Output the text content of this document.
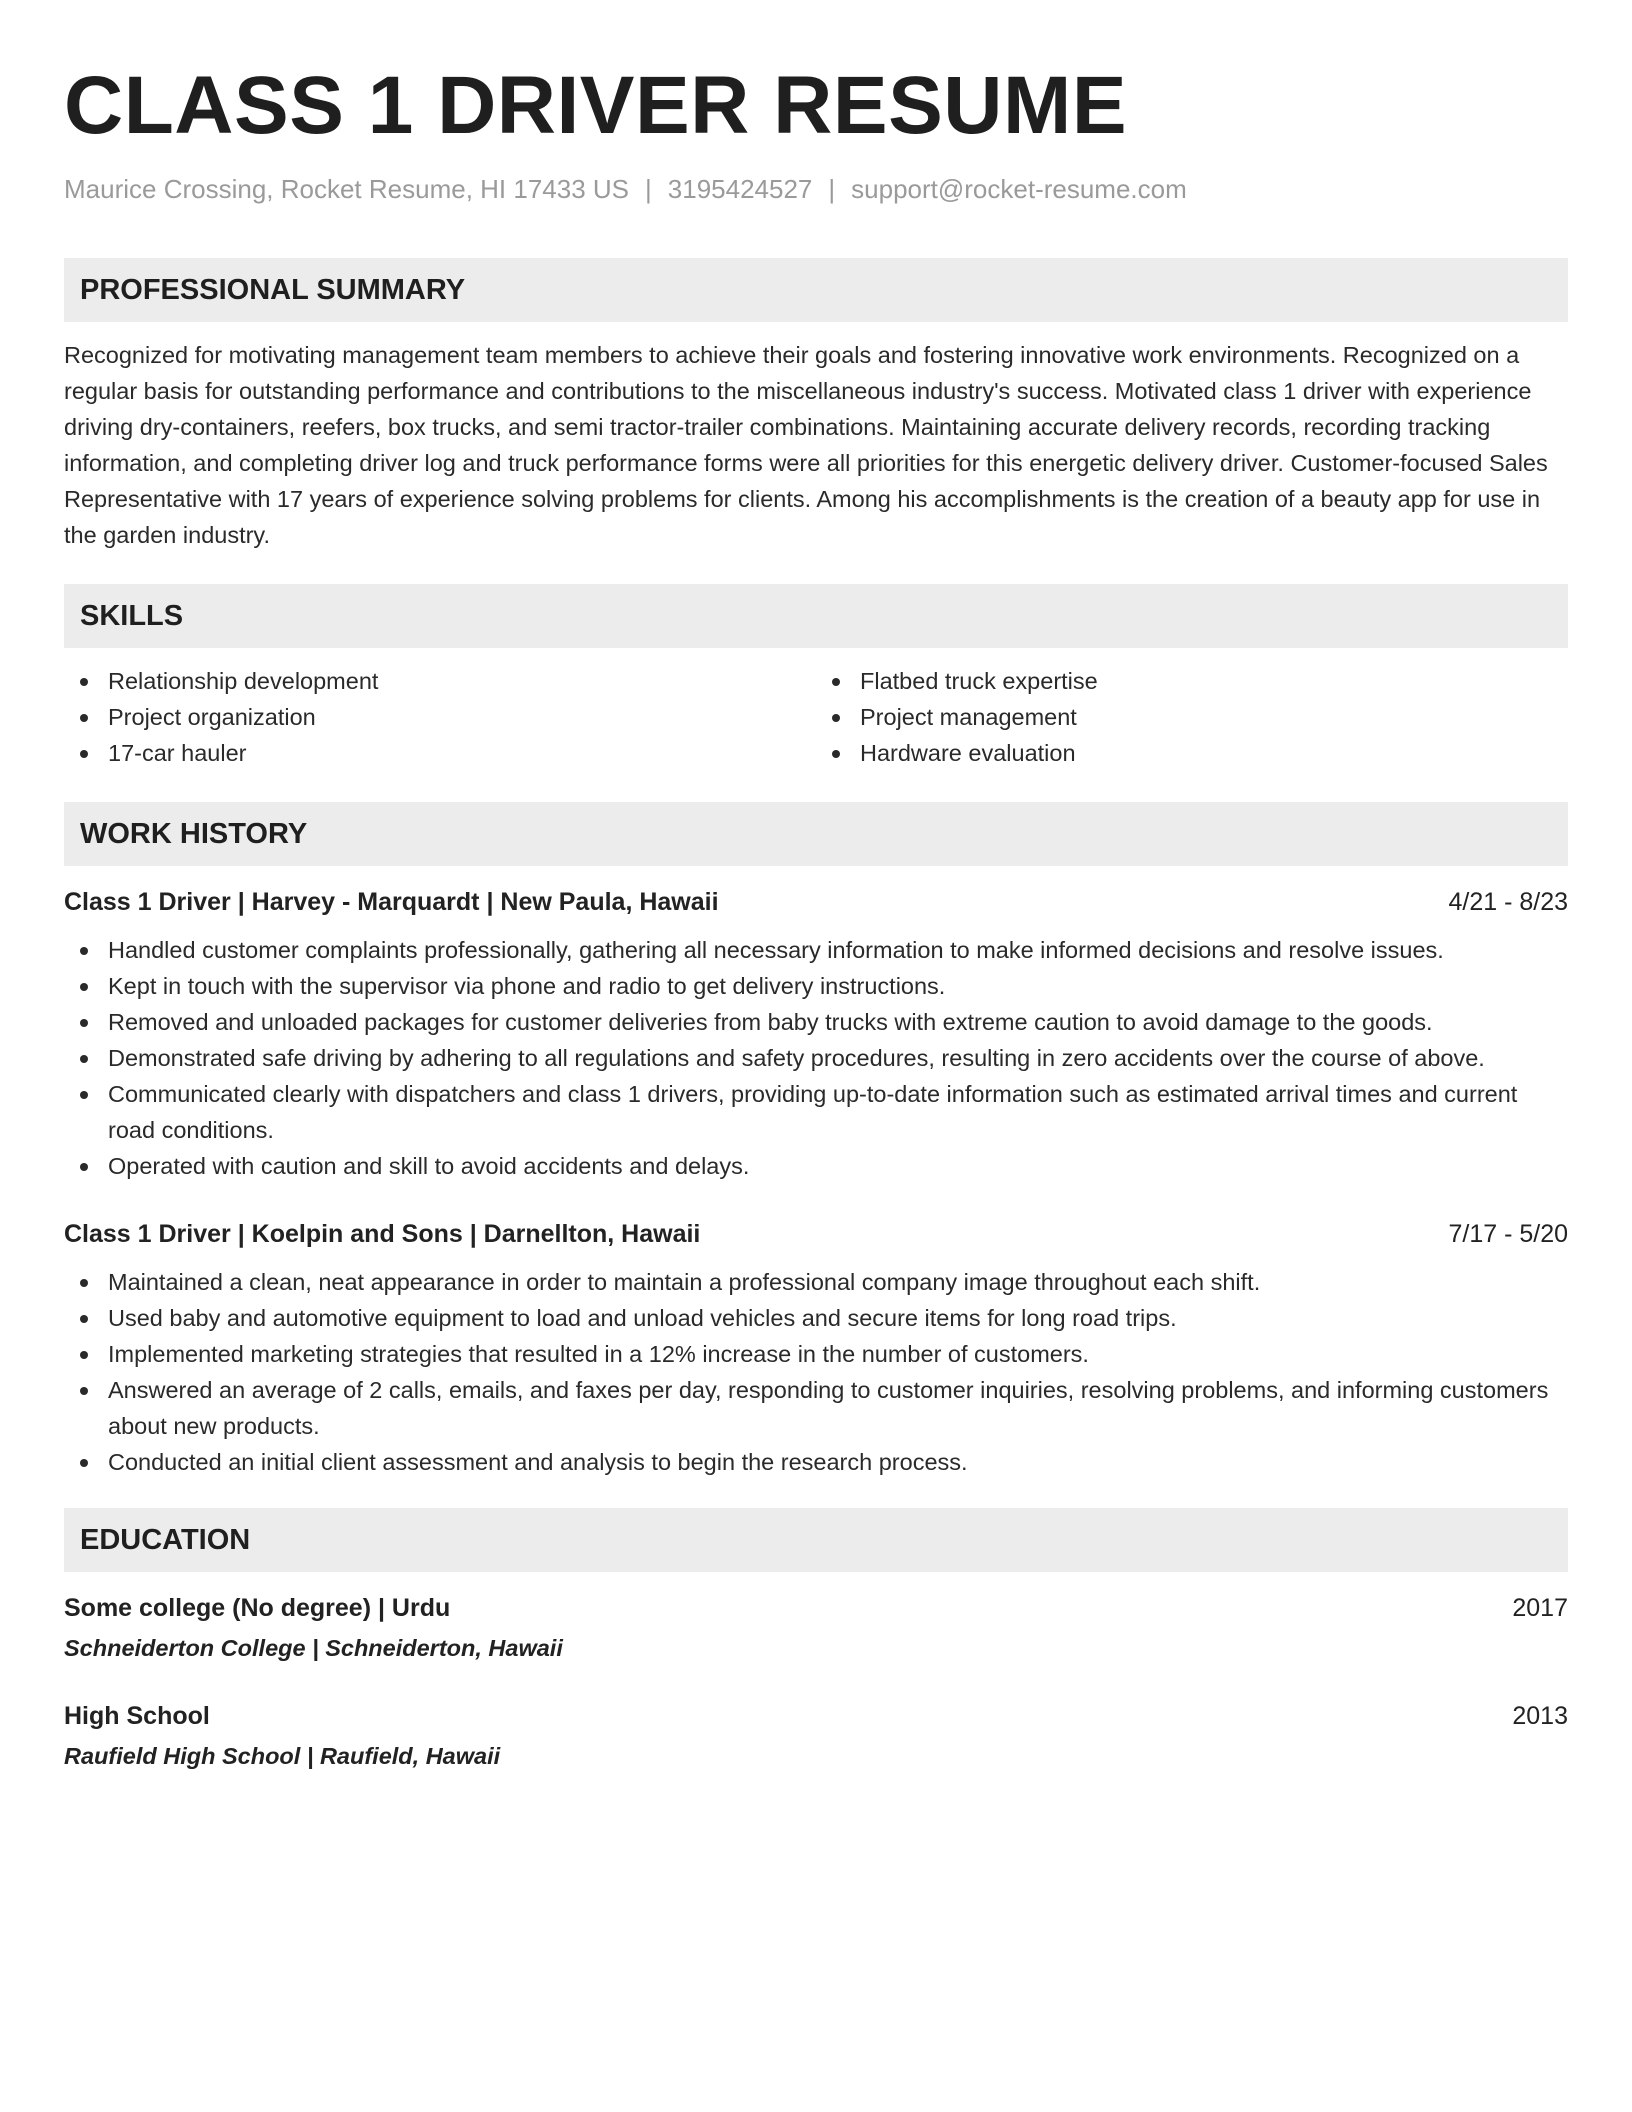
CLASS 1 DRIVER RESUME
Maurice Crossing, Rocket Resume, HI 17433 US | 3195424527 | support@rocket-resume.com
PROFESSIONAL SUMMARY

Recognized for motivating management team members to achieve their goals and fostering innovative work environments. Recognized on a regular basis for outstanding performance and contributions to the miscellaneous industry's success. Motivated class 1 driver with experience driving dry-containers, reefers, box trucks, and semi tractor-trailer combinations. Maintaining accurate delivery records, recording tracking information, and completing driver log and truck performance forms were all priorities for this energetic delivery driver. Customer-focused Sales Representative with 17 years of experience solving problems for clients. Among his accomplishments is the creation of a beauty app for use in the garden industry.

SKILLS
Relationship development
Project organization
17-car hauler
Flatbed truck expertise
Project management
Hardware evaluation
WORK HISTORY
Class 1 Driver | Harvey - Marquardt | New Paula, Hawaii	4/21 - 8/23
Handled customer complaints professionally, gathering all necessary information to make informed decisions and resolve issues.
Kept in touch with the supervisor via phone and radio to get delivery instructions.
Removed and unloaded packages for customer deliveries from baby trucks with extreme caution to avoid damage to the goods.
Demonstrated safe driving by adhering to all regulations and safety procedures, resulting in zero accidents over the course of above.
Communicated clearly with dispatchers and class 1 drivers, providing up-to-date information such as estimated arrival times and current road conditions.
Operated with caution and skill to avoid accidents and delays.
Class 1 Driver | Koelpin and Sons | Darnellton, Hawaii	7/17 - 5/20
Maintained a clean, neat appearance in order to maintain a professional company image throughout each shift.
Used baby and automotive equipment to load and unload vehicles and secure items for long road trips.
Implemented marketing strategies that resulted in a 12% increase in the number of customers.
Answered an average of 2 calls, emails, and faxes per day, responding to customer inquiries, resolving problems, and informing customers about new products.
Conducted an initial client assessment and analysis to begin the research process.
EDUCATION
Some college (No degree) | Urdu	2017
Schneiderton College | Schneiderton, Hawaii
High School	2013
Raufield High School | Raufield, Hawaii
